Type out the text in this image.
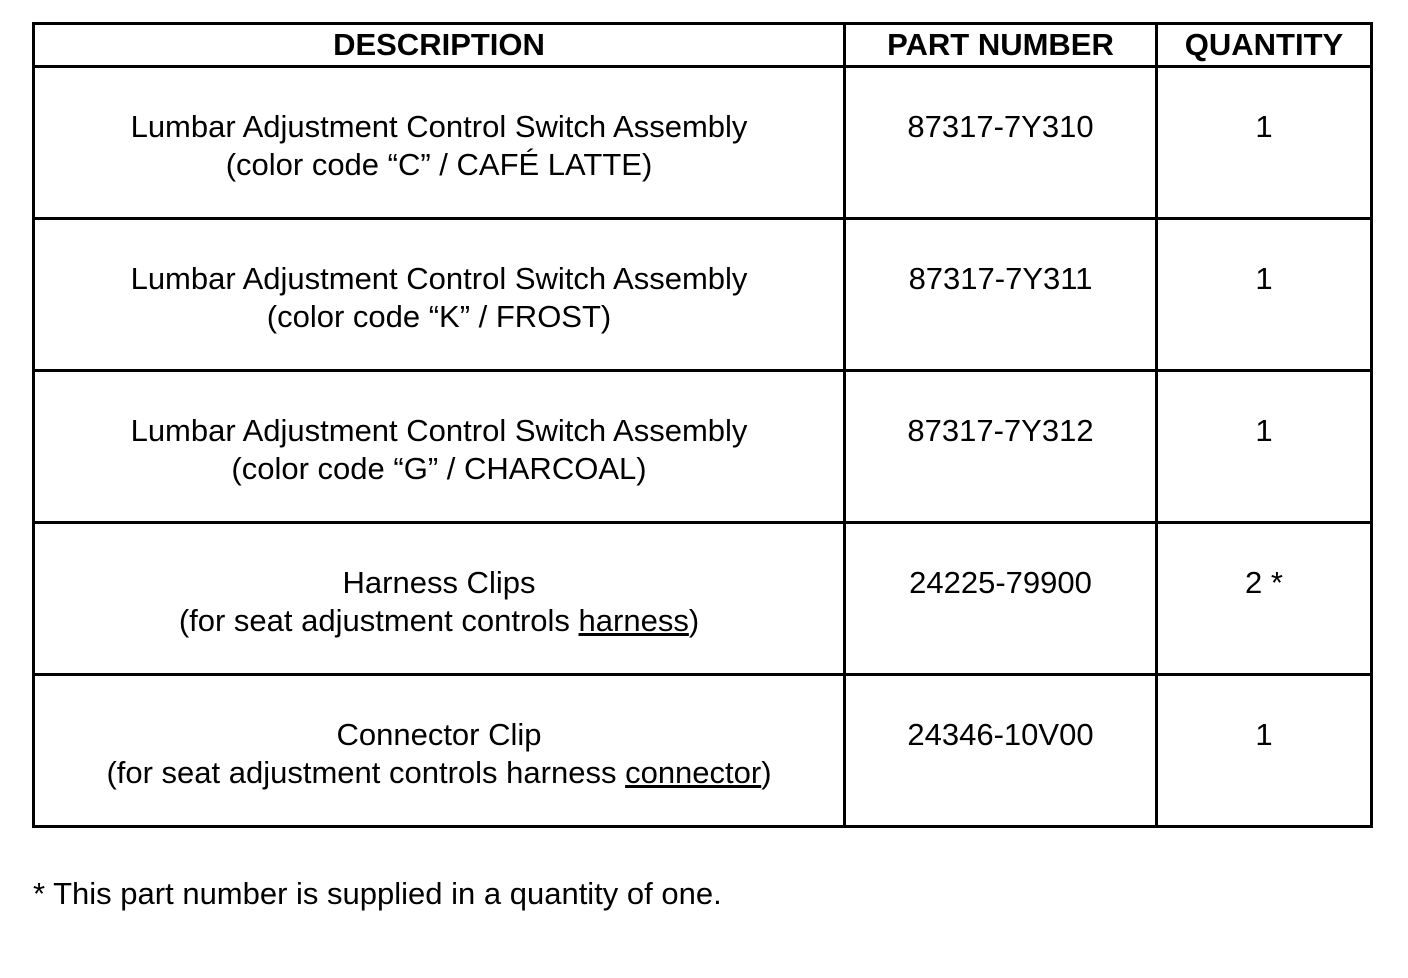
DESCRIPTION	PART NUMBER	QUANTITY

Lumbar Adjustment Control Switch Assembly
(color code “C” / CAFÉ LATTE)	87317-7Y310	1

Lumbar Adjustment Control Switch Assembly
(color code “K” / FROST)	87317-7Y311	1

Lumbar Adjustment Control Switch Assembly
(color code “G” / CHARCOAL)	87317-7Y312	1

Harness Clips
(for seat adjustment controls harness)	24225-79900	2 *

Connector Clip
(for seat adjustment controls harness connector)	24346-10V00	1
* This part number is supplied in a quantity of one.
